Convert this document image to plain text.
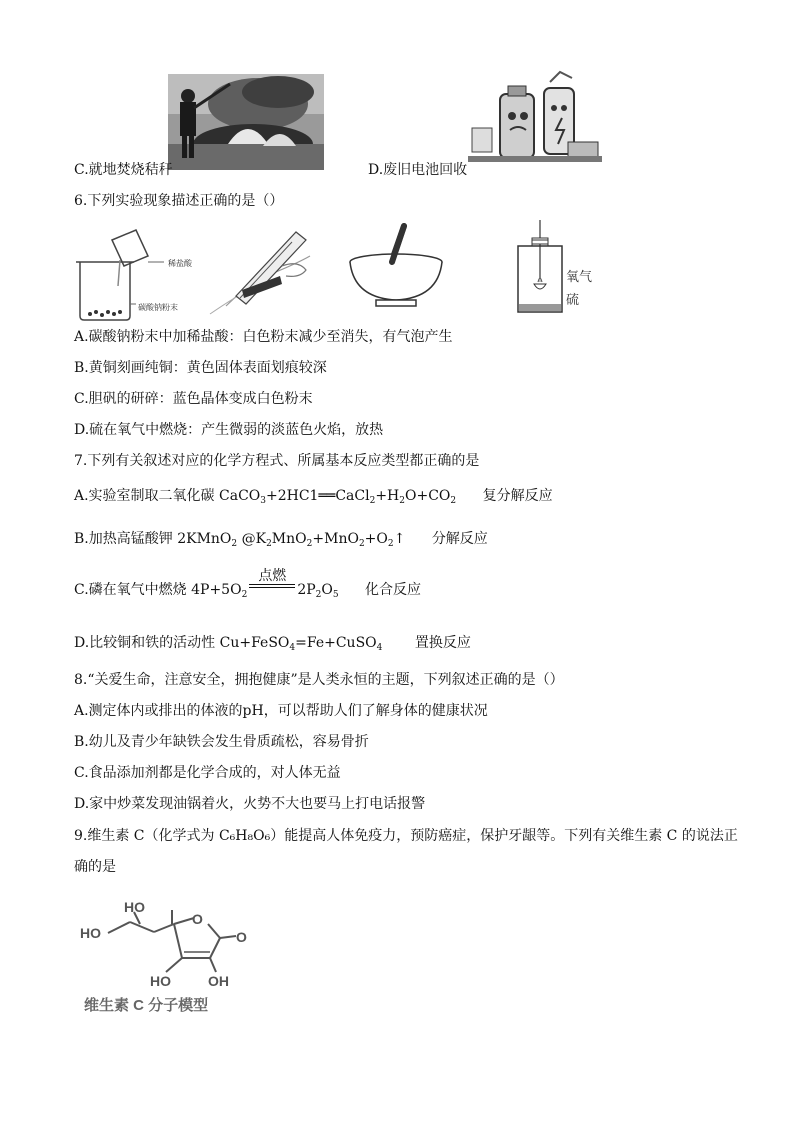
C.就地焚烧秸秆	D.废旧电池回收
6.下列实验现象描述正确的是（）
稀盐酸
碳酸钠粉末
氧气
硫
A.碳酸钠粉末中加稀盐酸：白色粉末减少至消失，有气泡产生
B.黄铜刻画纯铜：黄色固体表面划痕较深
C.胆矾的研碎：蓝色晶体变成白色粉末
D.硫在氧气中燃烧：产生微弱的淡蓝色火焰，放热
7.下列有关叙述对应的化学方程式、所属基本反应类型都正确的是
A.实验室制取二氧化碳 $CaCO_3+2HC1══CaCl_2+H_2O+CO_2$ 复分解反应
B.加热高锰酸钾 2KMnO$_2$ $@K_2MnO_2+MnO_2+O_2↑$ 分解反应
C.磷在氧气中燃烧 $4P+5O_2$
点燃
$2P_2O_5$ 化合反应
D.比较铜和铁的活动性 Cu+FeSO$_4$=Fe+CuSO$_4$ 置换反应
8.“关爱生命，注意安全，拥抱健康”是人类永恒的主题，下列叙述正确的是（）
A.测定体内或排出的体液的pH，可以帮助人们了解身体的健康状况
B.幼儿及青少年缺铁会发生骨质疏松，容易骨折
C.食品添加剂都是化学合成的，对人体无益
D.家中炒菜发现油锅着火，火势不大也要马上打电话报警
9.维生素 C（化学式为 C₆H₈O₆）能提高人体免疫力，预防癌症，保护牙龈等。下列有关维生素 C 的说法正
确的是
HO
HO
O
O
HO	OH
维生素 C 分子模型
